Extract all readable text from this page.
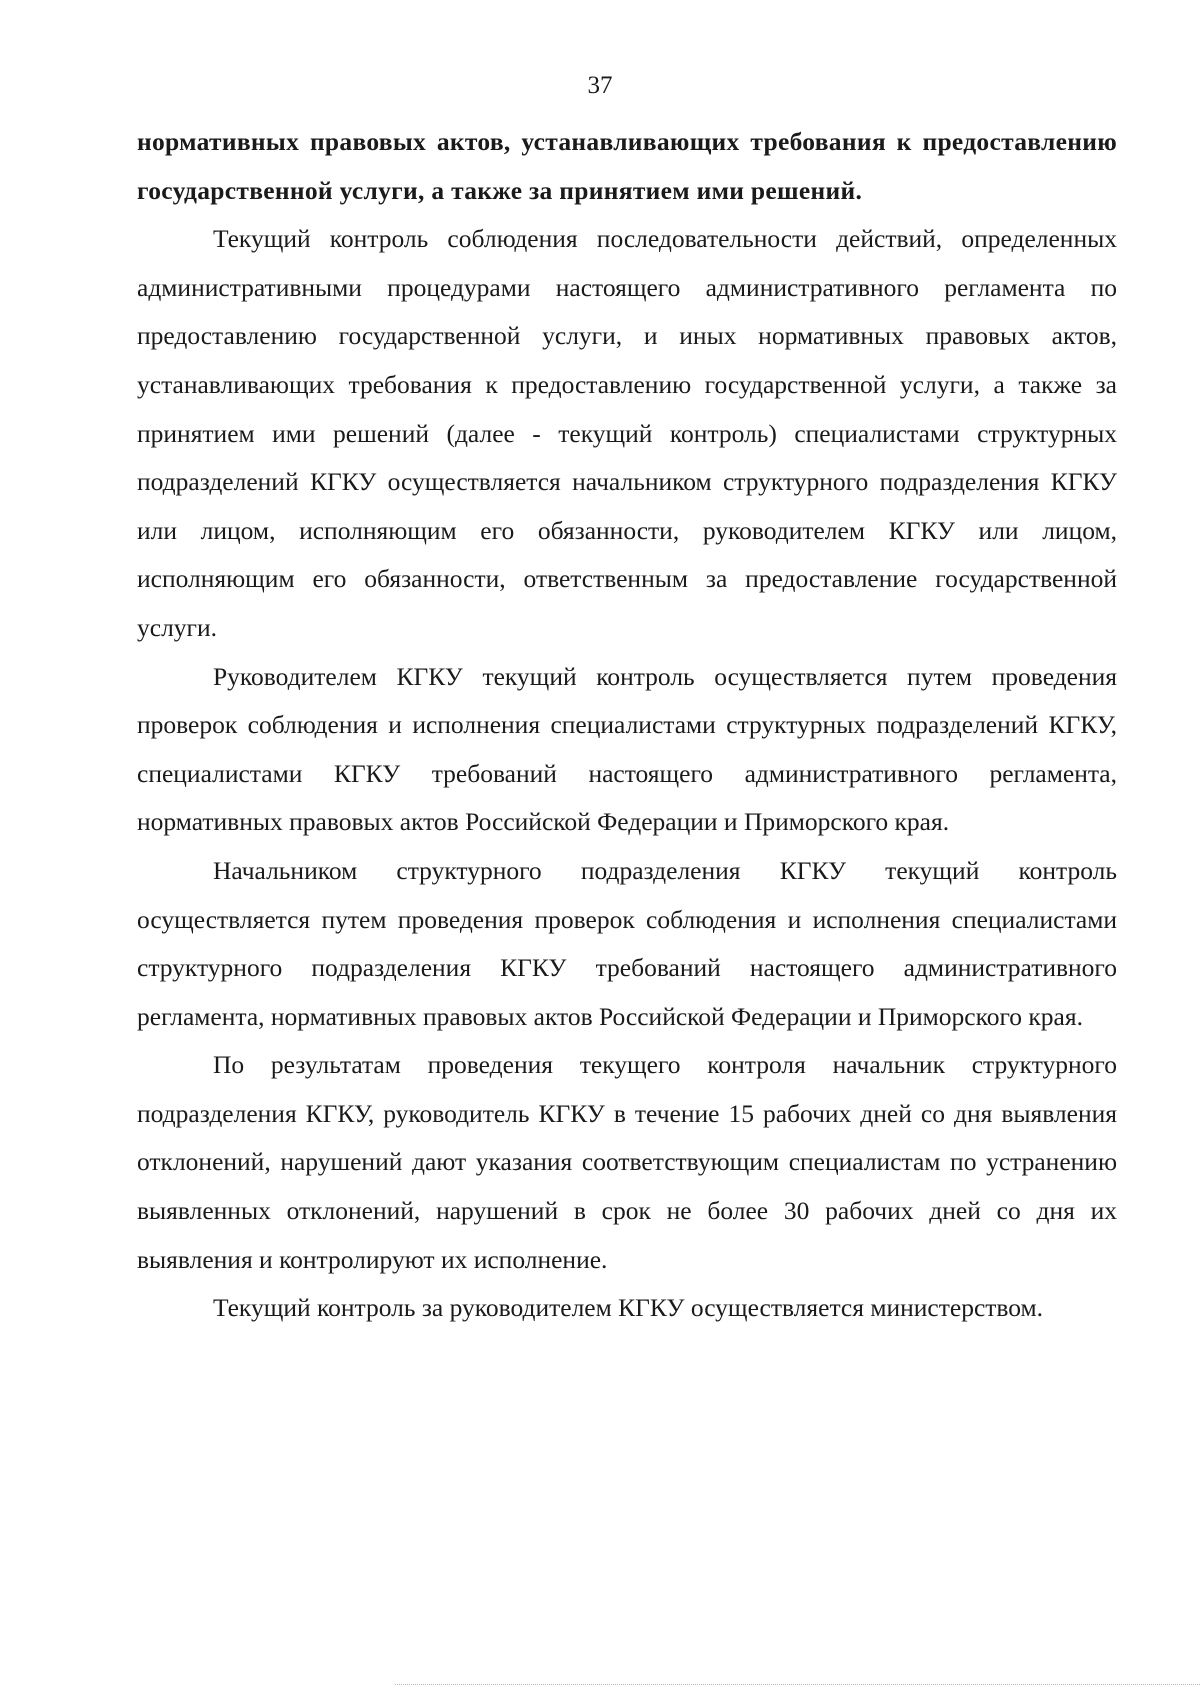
37

нормативных правовых актов, устанавливающих требования к предоставлению государственной услуги, а также за принятием ими решений.

Текущий контроль соблюдения последовательности действий, определенных административными процедурами настоящего административного регламента по предоставлению государственной услуги, и иных нормативных правовых актов, устанавливающих требования к предоставлению государственной услуги, а также за принятием ими решений (далее - текущий контроль) специалистами структурных подразделений КГКУ осуществляется начальником структурного подразделения КГКУ или лицом, исполняющим его обязанности, руководителем КГКУ или лицом, исполняющим его обязанности, ответственным за предоставление государственной услуги.

Руководителем КГКУ текущий контроль осуществляется путем проведения проверок соблюдения и исполнения специалистами структурных подразделений КГКУ, специалистами КГКУ требований настоящего административного регламента, нормативных правовых актов Российской Федерации и Приморского края.

Начальником структурного подразделения КГКУ текущий контроль осуществляется путем проведения проверок соблюдения и исполнения специалистами структурного подразделения КГКУ требований настоящего административного регламента, нормативных правовых актов Российской Федерации и Приморского края.

По результатам проведения текущего контроля начальник структурного подразделения КГКУ, руководитель КГКУ в течение 15 рабочих дней со дня выявления отклонений, нарушений дают указания соответствующим специалистам по устранению выявленных отклонений, нарушений в срок не более 30 рабочих дней со дня их выявления и контролируют их исполнение.

Текущий контроль за руководителем КГКУ осуществляется министерством.
